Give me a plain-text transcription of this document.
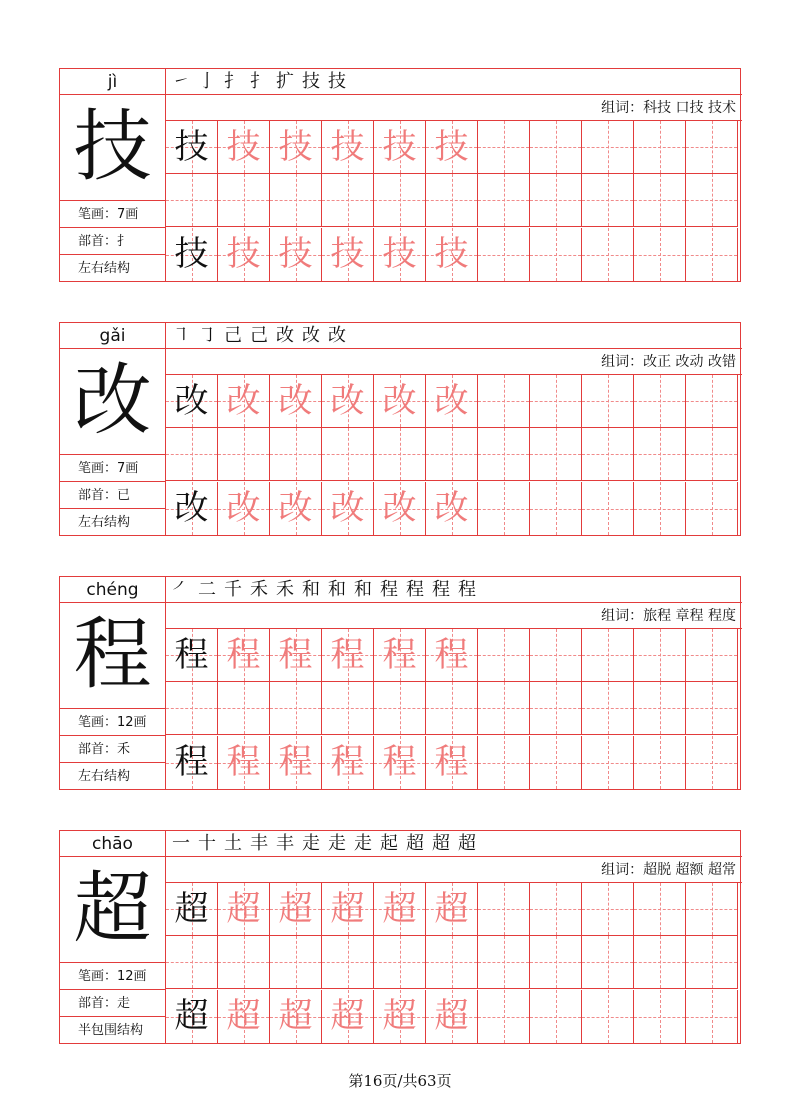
jì
技
笔画：7画
部首：扌
左右结构
㇀ 亅 扌 扌 扩 技 技
组词：科技 口技 技术
技 技 技 技 技 技
技 技 技 技 技 技
gǎi
改
笔画：7画
部首：已
左右结构
㇕ ㇆ 己 己 改 改 改
组词：改正 改动 改错
改 改 改 改 改 改
改 改 改 改 改 改
chéng
程
笔画：12画
部首：禾
左右结构
㇒ 二 千 禾 禾 和 和 和 程 程 程 程
组词：旅程 章程 程度
程 程 程 程 程 程
程 程 程 程 程 程
chāo
超
笔画：12画
部首：走
半包围结构
一 十 土 丰 丰 走 走 走 起 超 超 超
组词：超脱 超额 超常
超 超 超 超 超 超
超 超 超 超 超 超
第16页/共63页
